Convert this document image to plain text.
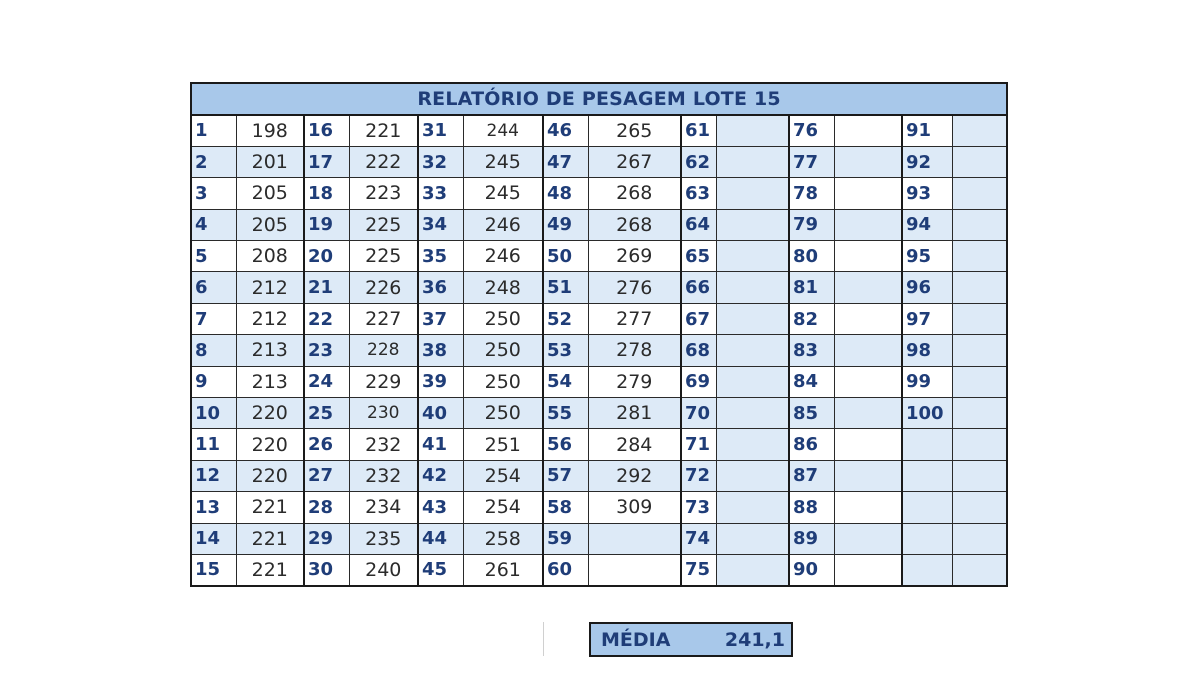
RELATÓRIO DE PESAGEM LOTE 15													
1	198	16	221	31	244	46	265	61		76		91	
2	201	17	222	32	245	47	267	62		77		92	
3	205	18	223	33	245	48	268	63		78		93	
4	205	19	225	34	246	49	268	64		79		94	
5	208	20	225	35	246	50	269	65		80		95	
6	212	21	226	36	248	51	276	66		81		96	
7	212	22	227	37	250	52	277	67		82		97	
8	213	23	228	38	250	53	278	68		83		98	
9	213	24	229	39	250	54	279	69		84		99	
10	220	25	230	40	250	55	281	70		85		100	
11	220	26	232	41	251	56	284	71		86			
12	220	27	232	42	254	57	292	72		87			
13	221	28	234	43	254	58	309	73		88			
14	221	29	235	44	258	59		74		89			
15	221	30	240	45	261	60		75		90			
MÉDIA	241,1
